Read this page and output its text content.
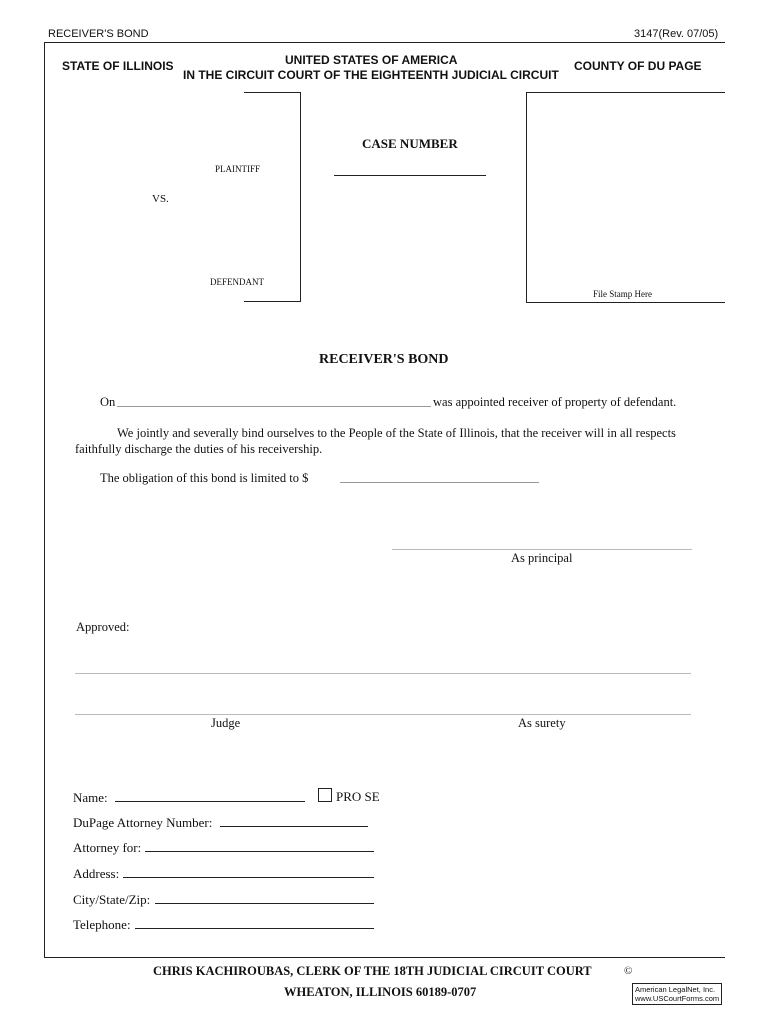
RECEIVER'S BOND	3147(Rev. 07/05)
STATE OF ILLINOIS	UNITED STATES OF AMERICA
IN THE CIRCUIT COURT OF THE EIGHTEENTH JUDICIAL CIRCUIT
COUNTY OF DU PAGE
PLAINTIFF
VS.
DEFENDANT
CASE NUMBER
File Stamp Here
RECEIVER'S BOND
On	was appointed receiver of property of defendant.
We jointly and severally bind ourselves to the People of the State of Illinois, that the receiver will in all respects faithfully discharge the duties of his receivership.
The obligation of this bond is limited to $
As principal
Approved:
Judge	As surety
Name:	PRO SE
DuPage Attorney Number:
Attorney for:
Address:
City/State/Zip:
Telephone:
CHRIS KACHIROUBAS, CLERK OF THE 18TH JUDICIAL CIRCUIT COURT	©
WHEATON, ILLINOIS 60189-0707	American LegalNet, Inc.
www.USCourtForms.com
